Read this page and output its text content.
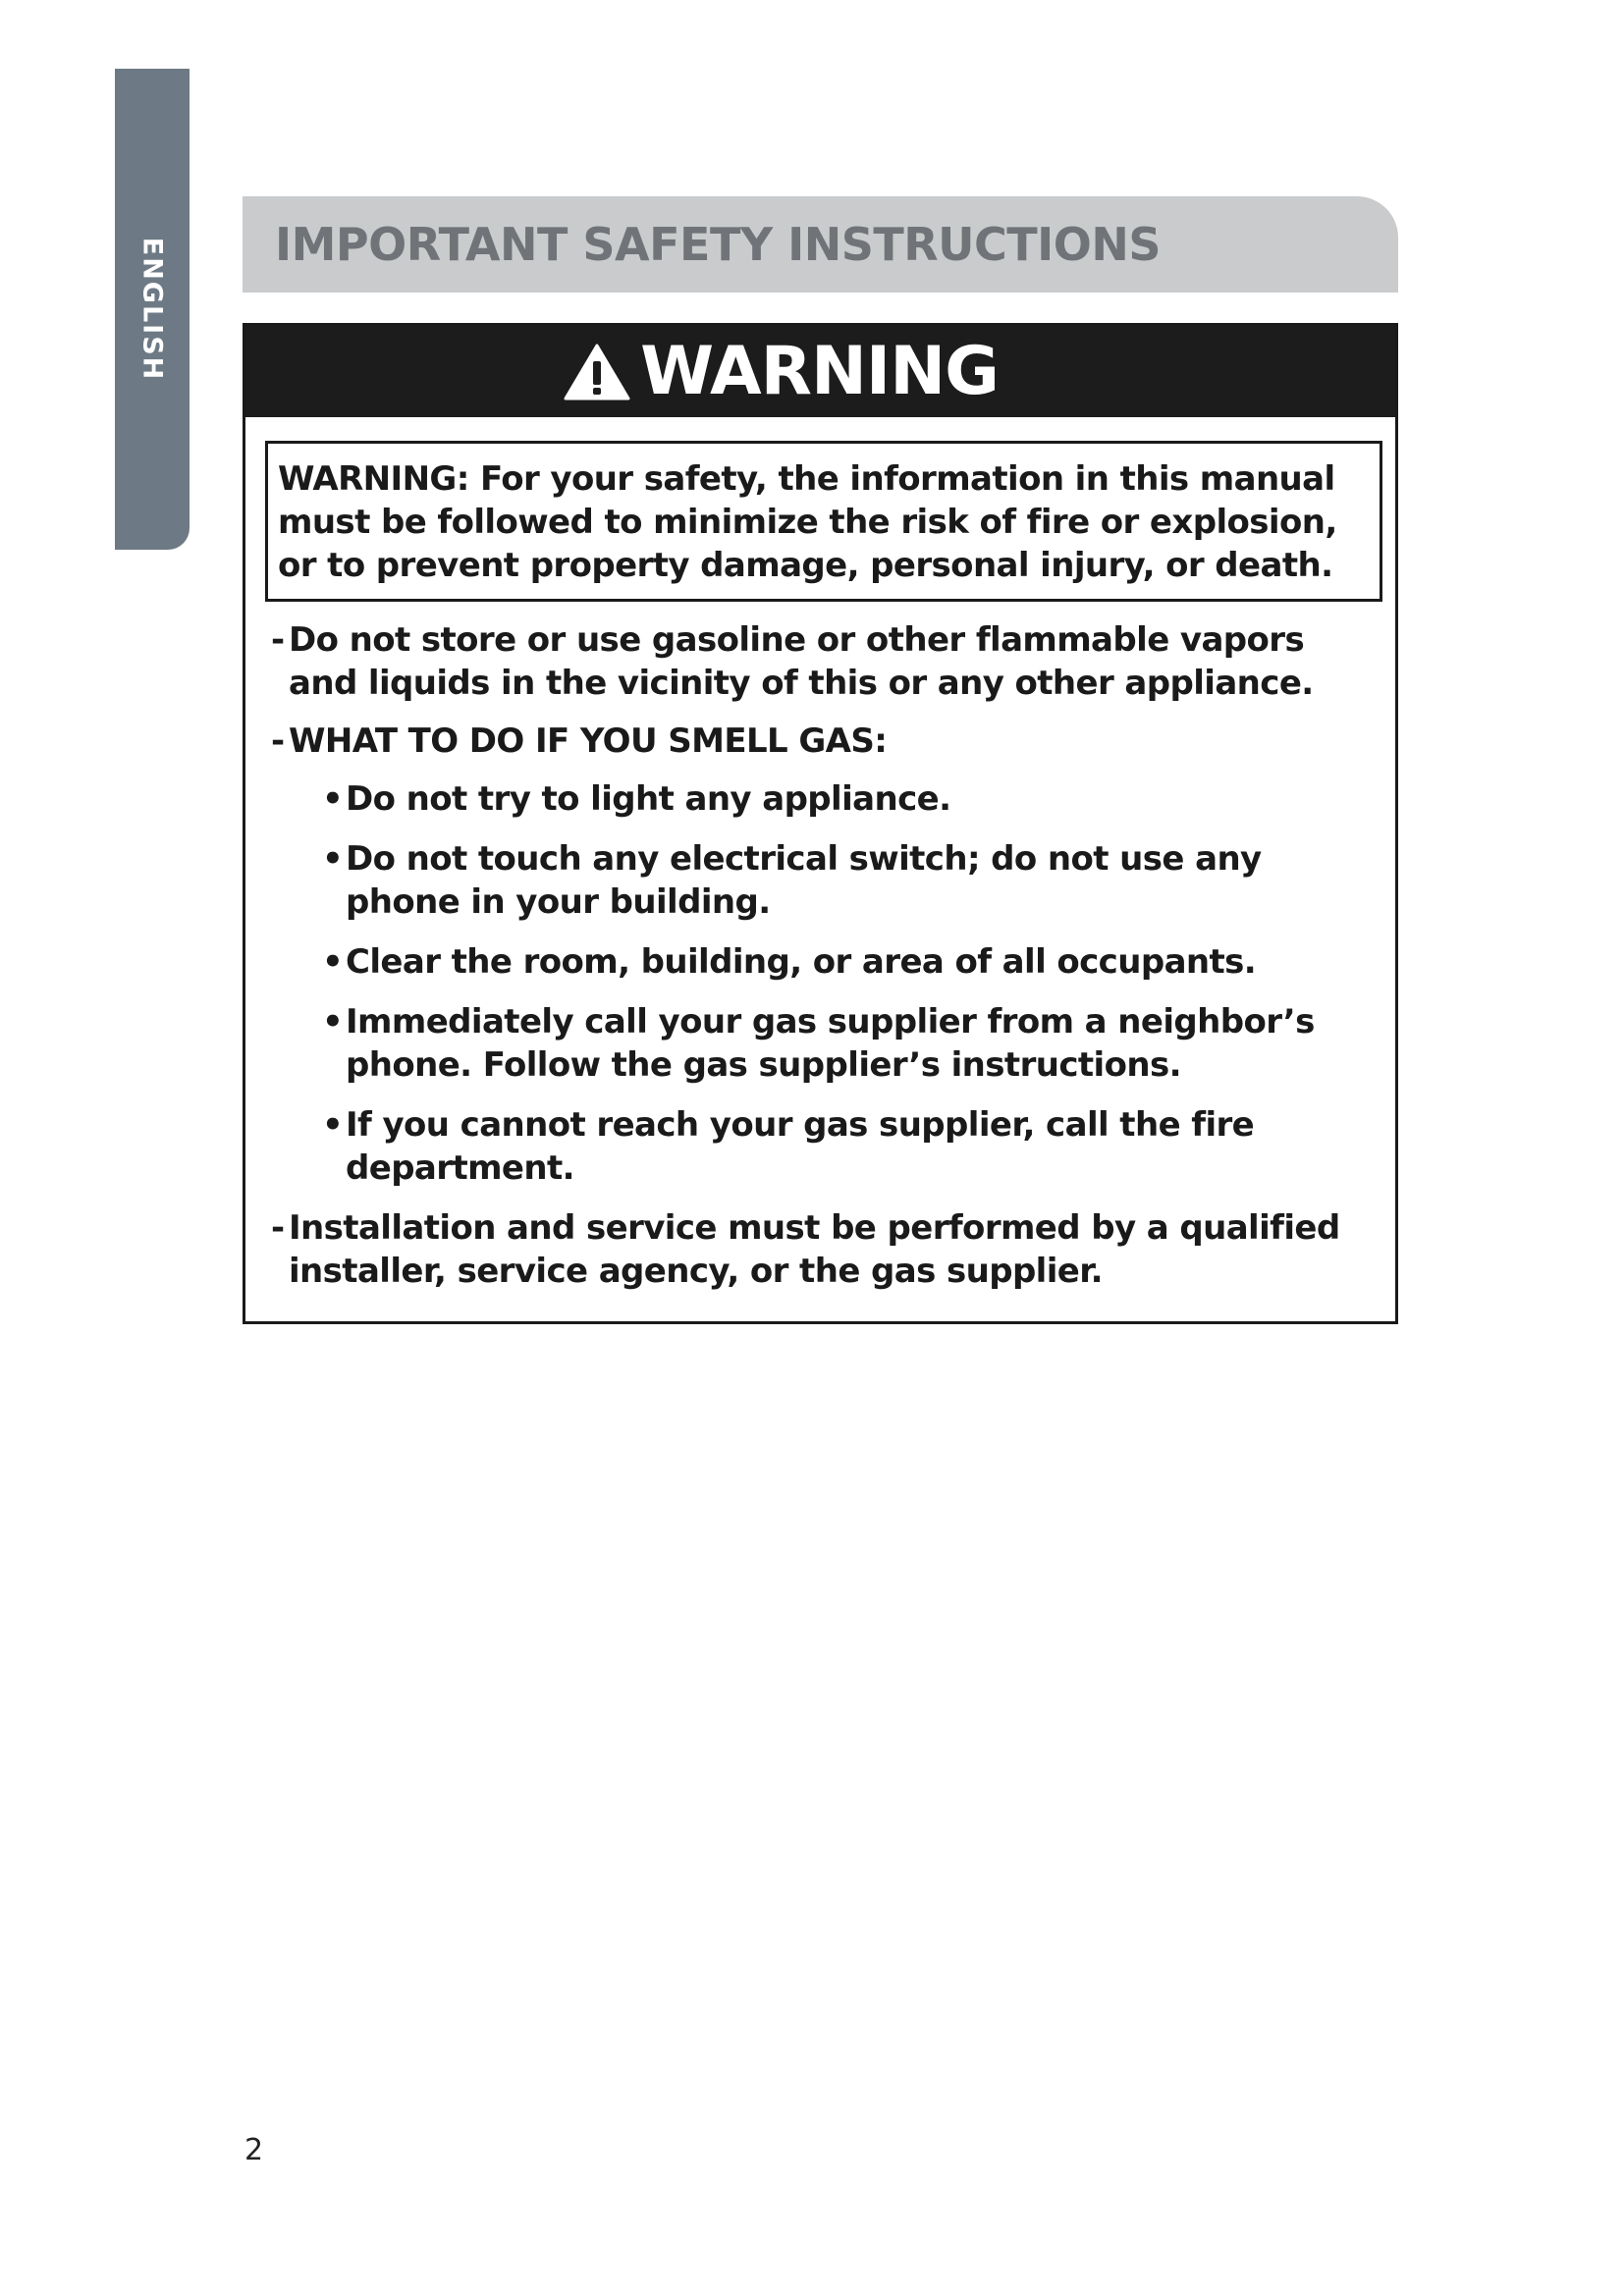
ENGLISH IMPORTANT SAFETY INSTRUCTIONS
WARNING

WARNING: For your safety, the information in this manual must be followed to minimize the risk of fire or explosion, or to prevent property damage, personal injury, or death.

- Do not store or use gasoline or other flammable vapors and liquids in the vicinity of this or any other appliance.
- WHAT TO DO IF YOU SMELL GAS:
• Do not try to light any appliance.
• Do not touch any electrical switch; do not use any phone in your building.
• Clear the room, building, or area of all occupants.
• Immediately call your gas supplier from a neighbor’s phone. Follow the gas supplier’s instructions.
• If you cannot reach your gas supplier, call the fire department.
- Installation and service must be performed by a qualified installer, service agency, or the gas supplier.
2
